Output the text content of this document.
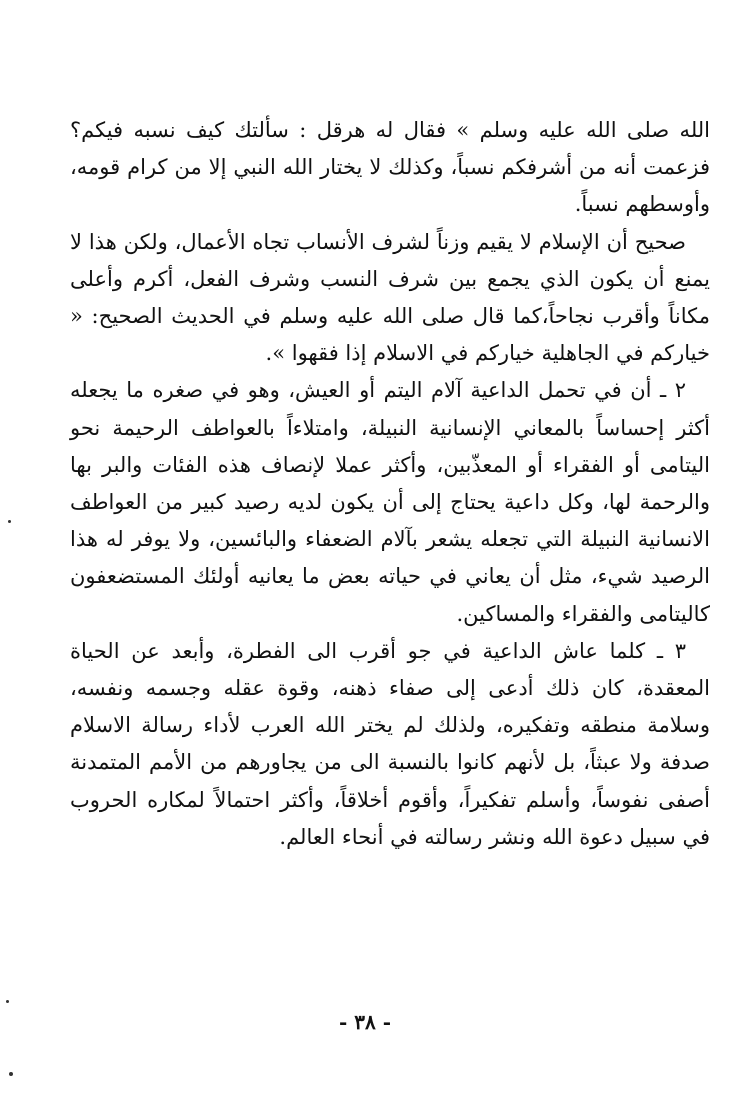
الله صلى الله عليه وسلم » فقال له هرقل : سألتك كيف نسبه فيكم؟ فزعمت أنه من أشرفكم نسباً، وكذلك لا يختار الله النبي إلا من كرام قومه، وأوسطهم نسباً.

صحيح أن الإسلام لا يقيم وزناً لشرف الأنساب تجاه الأعمال، ولكن هذا لا يمنع أن يكون الذي يجمع بين شرف النسب وشرف الفعل، أكرم وأعلى مكاناً وأقرب نجاحاً،كما قال صلى الله عليه وسلم في الحديث الصحيح: « خياركم في الجاهلية خياركم في الاسلام إذا فقهوا ».

٢ ـ أن في تحمل الداعية آلام اليتم أو العيش، وهو في صغره ما يجعله أكثر إحساساً بالمعاني الإنسانية النبيلة، وامتلاءاً بالعواطف الرحيمة نحو اليتامى أو الفقراء أو المعذّبين، وأكثر عملا لإنصاف هذه الفئات والبر بها والرحمة لها، وكل داعية يحتاج إلى أن يكون لديه رصيد كبير من العواطف الانسانية النبيلة التي تجعله يشعر بآلام الضعفاء والبائسين، ولا يوفر له هذا الرصيد شيء، مثل أن يعاني في حياته بعض ما يعانيه أولئك المستضعفون كاليتامى والفقراء والمساكين.

٣ ـ كلما عاش الداعية في جو أقرب الى الفطرة، وأبعد عن الحياة المعقدة، كان ذلك أدعى إلى صفاء ذهنه، وقوة عقله وجسمه ونفسه، وسلامة منطقه وتفكيره، ولذلك لم يختر الله العرب لأداء رسالة الاسلام صدفة ولا عبثاً، بل لأنهم كانوا بالنسبة الى من يجاورهم من الأمم المتمدنة أصفى نفوساً، وأسلم تفكيراً، وأقوم أخلاقاً، وأكثر احتمالاً لمكاره الحروب في سبيل دعوة الله ونشر رسالته في أنحاء العالم.

- ٣٨ -
